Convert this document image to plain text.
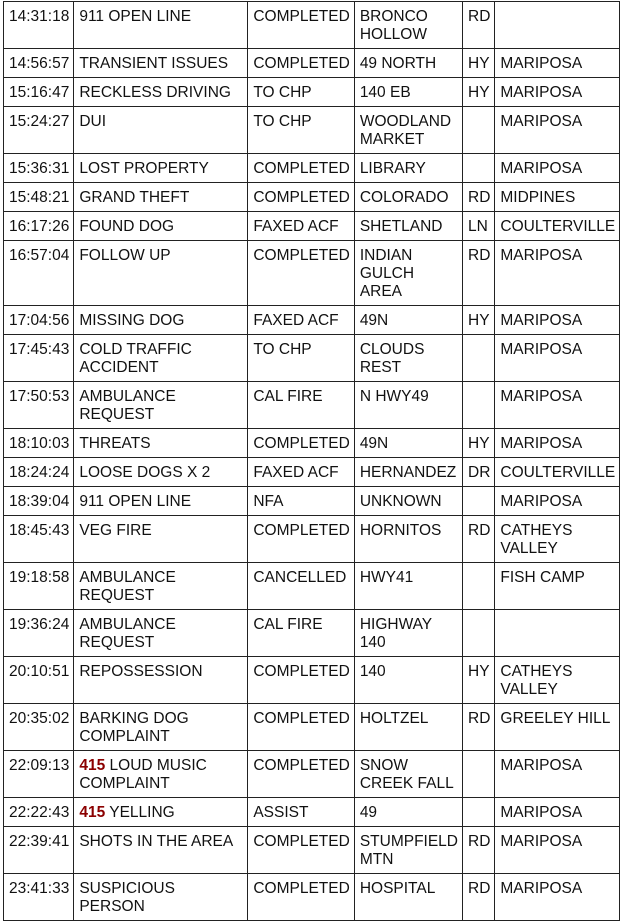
14:31:18	911 OPEN LINE	COMPLETED	BRONCO HOLLOW	RD	
14:56:57	TRANSIENT ISSUES	COMPLETED	49 NORTH	HY	MARIPOSA
15:16:47	RECKLESS DRIVING	TO CHP	140 EB	HY	MARIPOSA
15:24:27	DUI	TO CHP	WOODLAND MARKET		MARIPOSA
15:36:31	LOST PROPERTY	COMPLETED	LIBRARY		MARIPOSA
15:48:21	GRAND THEFT	COMPLETED	COLORADO	RD	MIDPINES
16:17:26	FOUND DOG	FAXED ACF	SHETLAND	LN	COULTERVILLE
16:57:04	FOLLOW UP	COMPLETED	INDIAN GULCH AREA	RD	MARIPOSA
17:04:56	MISSING DOG	FAXED ACF	49N	HY	MARIPOSA
17:45:43	COLD TRAFFIC ACCIDENT	TO CHP	CLOUDS REST		MARIPOSA
17:50:53	AMBULANCE REQUEST	CAL FIRE	N HWY49		MARIPOSA
18:10:03	THREATS	COMPLETED	49N	HY	MARIPOSA
18:24:24	LOOSE DOGS X 2	FAXED ACF	HERNANDEZ	DR	COULTERVILLE
18:39:04	911 OPEN LINE	NFA	UNKNOWN		MARIPOSA
18:45:43	VEG FIRE	COMPLETED	HORNITOS	RD	CATHEYS VALLEY
19:18:58	AMBULANCE REQUEST	CANCELLED	HWY41		FISH CAMP
19:36:24	AMBULANCE REQUEST	CAL FIRE	HIGHWAY 140		
20:10:51	REPOSSESSION	COMPLETED	140	HY	CATHEYS VALLEY
20:35:02	BARKING DOG COMPLAINT	COMPLETED	HOLTZEL	RD	GREELEY HILL
22:09:13	415 LOUD MUSIC COMPLAINT	COMPLETED	SNOW CREEK FALL		MARIPOSA
22:22:43	415 YELLING	ASSIST	49		MARIPOSA
22:39:41	SHOTS IN THE AREA	COMPLETED	STUMPFIELD MTN	RD	MARIPOSA
23:41:33	SUSPICIOUS PERSON	COMPLETED	HOSPITAL	RD	MARIPOSA
